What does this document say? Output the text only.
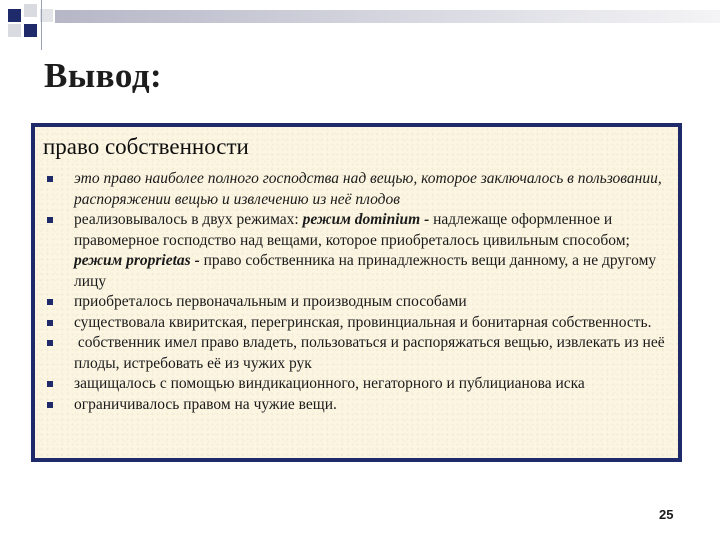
Вывод:
право собственности
это право наиболее полного господства над вещью, которое заключалось в пользовании, распоряжении вещью и извлечению из неё плодов
реализовывалось в двух режимах: режим dominium - надлежаще оформленное и правомерное господство над вещами, которое приобреталось цивильным способом; режим proprietas - право собственника на принадлежность вещи данному, а не другому лицу
приобреталось первоначальным и производным способами
существовала квиритская, перегринская, провинциальная и бонитарная собственность.
собственник имел право владеть, пользоваться и распоряжаться вещью, извлекать из неё плоды, истребовать её из чужих рук
защищалось с помощью виндикационного, негаторного и публицианова иска
ограничивалось правом на чужие вещи.
25
